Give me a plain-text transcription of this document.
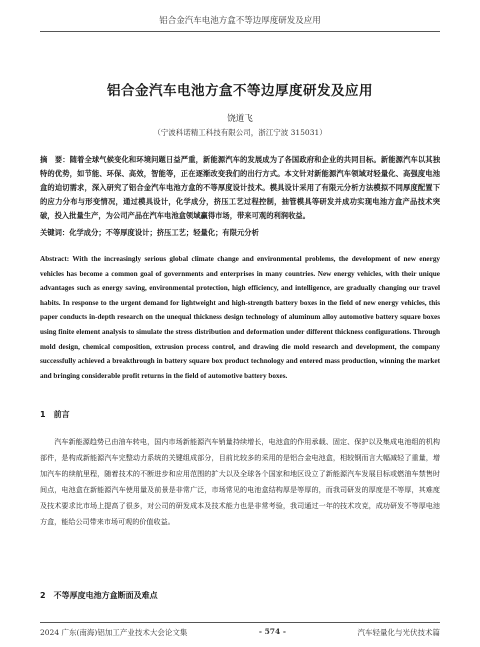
铝合金汽车电池方盒不等边厚度研发及应用
铝合金汽车电池方盒不等边厚度研发及应用
饶道飞
（宁波科诺精工科技有限公司，浙江宁波 315031）
摘　要：随着全球气候变化和环境问题日益严重，新能源汽车的发展成为了各国政府和企业的共同目标。新能源汽车以其独特的优势，如节能、环保、高效，智能等，正在逐渐改变我们的出行方式。本文针对新能源汽车领域对轻量化、高强度电池盒的迫切需求，深入研究了铝合金汽车电池方盒的不等厚度设计技术。模具设计采用了有限元分析方法模拟不同厚度配置下的应力分布与形变情况，通过模具设计，化学成分，挤压工艺过程控制，抽管模具等研发并成功实现电池方盒产品技术突破，投入批量生产，为公司产品在汽车电池盒领域赢得市场，带来可观的利润收益。
关键词：化学成分；不等厚度设计；挤压工艺；轻量化；有限元分析
Abstract: With the increasingly serious global climate change and environmental problems, the development of new energy vehicles has become a common goal of governments and enterprises in many countries. New energy vehicles, with their unique advantages such as energy saving, environmental protection, high efficiency, and intelligence, are gradually changing our travel habits. In response to the urgent demand for lightweight and high-strength battery boxes in the field of new energy vehicles, this paper conducts in-depth research on the unequal thickness design technology of aluminum alloy automotive battery square boxes using finite element analysis to simulate the stress distribution and deformation under different thickness configurations. Through mold design, chemical composition, extrusion process control, and drawing die mold research and development, the company successfully achieved a breakthrough in battery square box product technology and entered mass production, winning the market and bringing considerable profit returns in the field of automotive battery boxes.
1　前言
汽车新能源趋势已由油车转电，国内市场新能源汽车销量持续增长，电池盒的作用承载、固定、保护以及集成电池组的机构部件，是构成新能源汽车完整动力系统的关键组成部分，目前比较多的采用的是铝合金电池盒，相较钢而言大幅减轻了重量，增加汽车的续航里程，随着技术的不断进步和应用范围的扩大以及全球各个国家和地区设立了新能源汽车发展目标或燃油车禁售时间点，电池盒在新能源汽车使用量及前景是非常广泛，市场常见的电池盒结构厚是等厚的，而我司研发的厚度是不等厚，其难度及技术要求比市场上提高了很多，对公司的研发成本及技术能力也是非常考验，我司通过一年的技术攻克，成功研发不等厚电池方盒，能给公司带来市场可观的价值收益。
2　不等厚度电池方盒断面及难点
2024 广东(南海)铝加工产业技术大会论文集	- 574 -	汽车轻量化与光伏技术篇
